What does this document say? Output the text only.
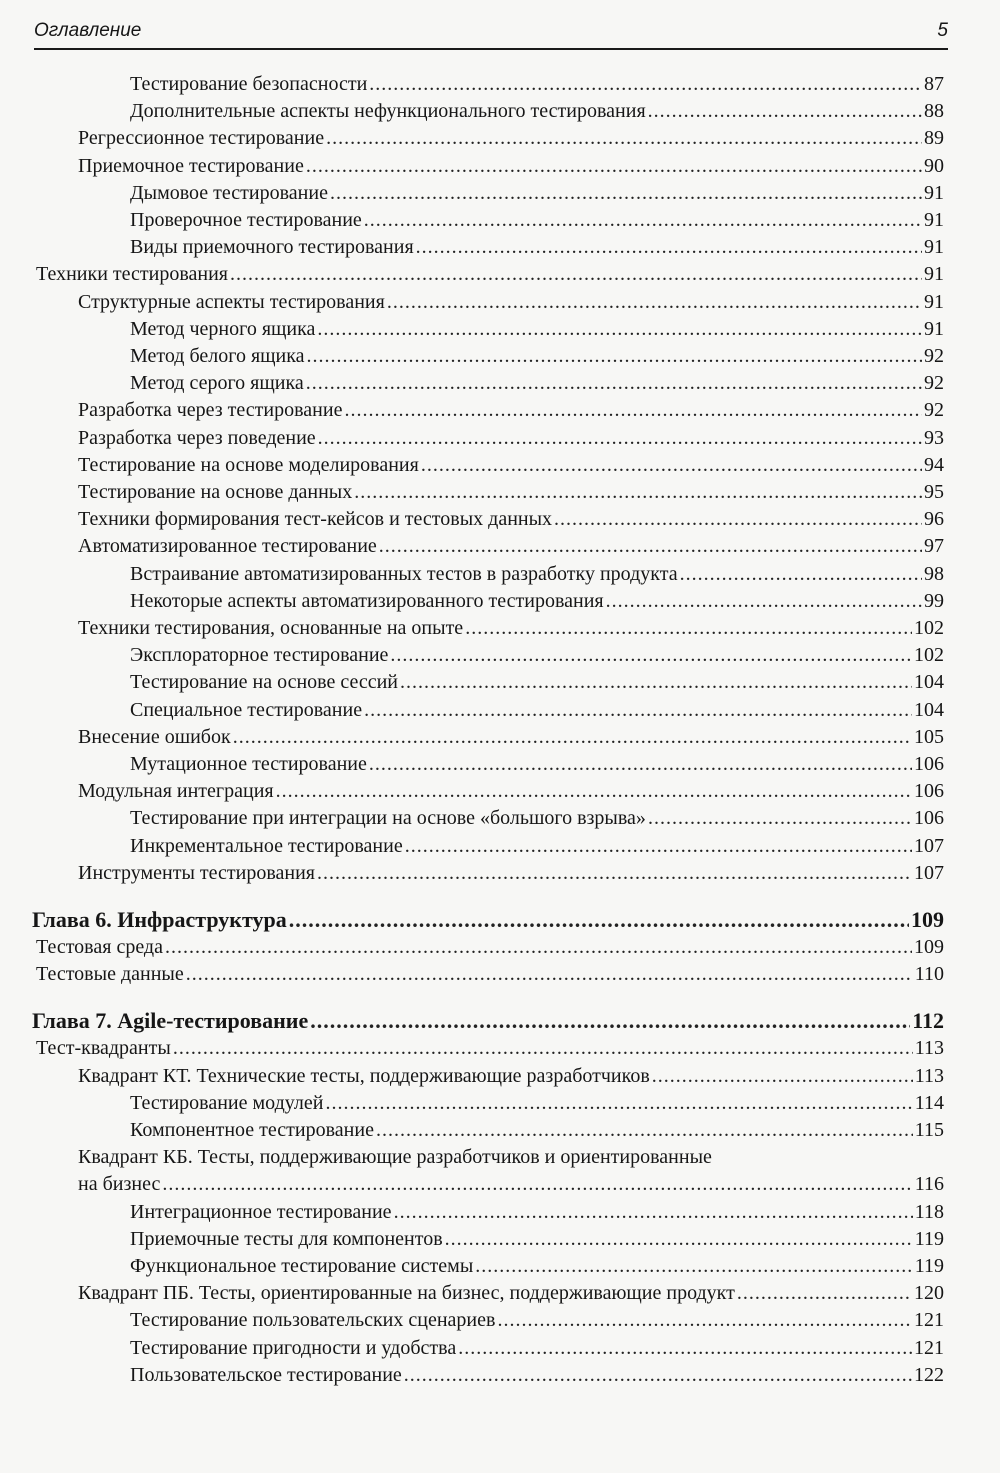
Оглавление	5
Тестирование безопасности .....	87
Дополнительные аспекты нефункционального тестирования .....	88
Регрессионное тестирование .....	89
Приемочное тестирование .....	90
Дымовое тестирование .....	91
Проверочное тестирование .....	91
Виды приемочного тестирования .....	91
Техники тестирования .....	91
Структурные аспекты тестирования .....	91
Метод черного ящика .....	91
Метод белого ящика .....	92
Метод серого ящика .....	92
Разработка через тестирование .....	92
Разработка через поведение .....	93
Тестирование на основе моделирования .....	94
Тестирование на основе данных .....	95
Техники формирования тест-кейсов и тестовых данных .....	96
Автоматизированное тестирование .....	97
Встраивание автоматизированных тестов в разработку продукта .....	98
Некоторые аспекты автоматизированного тестирования .....	99
Техники тестирования, основанные на опыте .....	102
Эксплораторное тестирование .....	102
Тестирование на основе сессий .....	104
Специальное тестирование .....	104
Внесение ошибок .....	105
Мутационное тестирование .....	106
Модульная интеграция .....	106
Тестирование при интеграции на основе «большого взрыва» .....	106
Инкрементальное тестирование .....	107
Инструменты тестирования .....	107
Глава 6. Инфраструктура .....	109
Тестовая среда .....	109
Тестовые данные .....	110
Глава 7. Agile-тестирование .....	112
Тест-квадранты .....	113
Квадрант КТ. Технические тесты, поддерживающие разработчиков .....	113
Тестирование модулей .....	114
Компонентное тестирование .....	115
Квадрант КБ. Тесты, поддерживающие разработчиков и ориентированные
на бизнес .....	116
Интеграционное тестирование .....	118
Приемочные тесты для компонентов .....	119
Функциональное тестирование системы .....	119
Квадрант ПБ. Тесты, ориентированные на бизнес, поддерживающие продукт .....	120
Тестирование пользовательских сценариев .....	121
Тестирование пригодности и удобства .....	121
Пользовательское тестирование .....	122
